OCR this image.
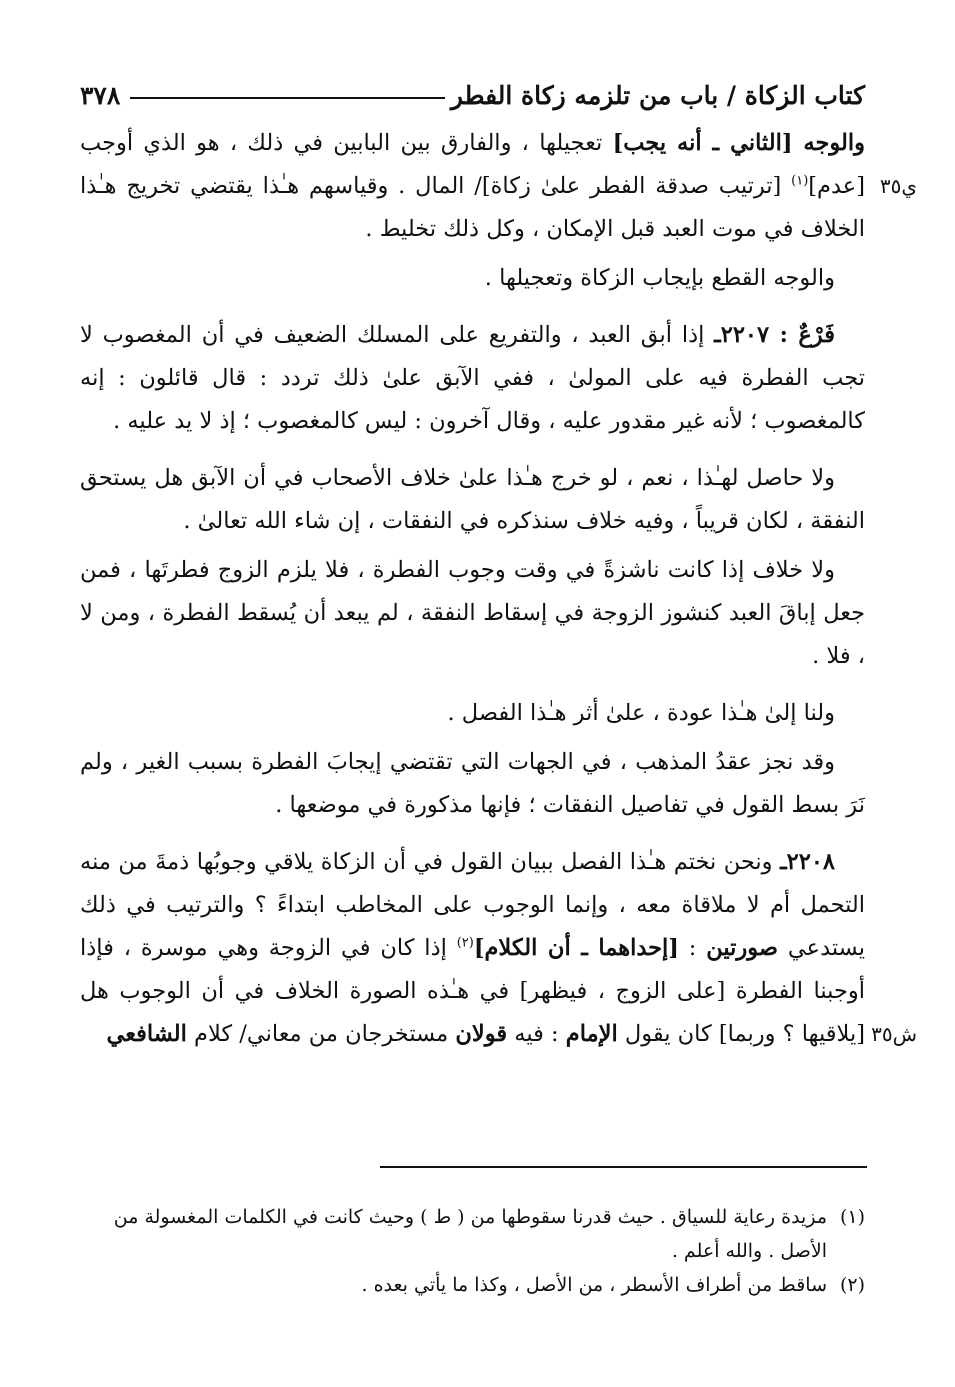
كتاب الزكاة / باب من تلزمه زكاة الفطر
٣٧٨

والوجه [الثاني ـ أنه يجب] تعجيلها ، والفارق بين البابين في ذلك ، هو الذي أوجب [عدم]$^{(١)}$ [ترتيب صدقة الفطر علىٰ زكاة]/ المال . وقياسهم هـٰذا يقتضي تخريج هـٰذا الخلاف في موت العبد قبل الإمكان ، وكل ذلك تخليط .
ي٣٥

والوجه القطع بإيجاب الزكاة وتعجيلها .

فَرْعٌ : ٢٢٠٧ـ إذا أبق العبد ، والتفريع على المسلك الضعيف في أن المغصوب لا تجب الفطرة فيه على المولىٰ ، ففي الآبق علىٰ ذلك تردد : قال قائلون : إنه كالمغصوب ؛ لأنه غير مقدور عليه ، وقال آخرون : ليس كالمغصوب ؛ إذ لا يد عليه .

ولا حاصل لهـٰذا ، نعم ، لو خرج هـٰذا علىٰ خلاف الأصحاب في أن الآبق هل يستحق النفقة ، لكان قريباً ، وفيه خلاف سنذكره في النفقات ، إن شاء الله تعالىٰ .

ولا خلاف إذا كانت ناشزةً في وقت وجوب الفطرة ، فلا يلزم الزوج فطرتَها ، فمن جعل إباقَ العبد كنشوز الزوجة في إسقاط النفقة ، لم يبعد أن يُسقط الفطرة ، ومن لا ، فلا .

ولنا إلىٰ هـٰذا عودة ، علىٰ أثر هـٰذا الفصل .

وقد نجز عقدُ المذهب ، في الجهات التي تقتضي إيجابَ الفطرة بسبب الغير ، ولم نَرَ بسط القول في تفاصيل النفقات ؛ فإنها مذكورة في موضعها .

٢٢٠٨ـ ونحن نختم هـٰذا الفصل ببيان القول في أن الزكاة يلاقي وجوبُها ذمةَ من منه التحمل أم لا ملاقاة معه ، وإنما الوجوب على المخاطب ابتداءً ؟ والترتيب في ذلك يستدعي صورتين : [إحداهما ـ أن الكلام]$^{(٢)}$ إذا كان في الزوجة وهي موسرة ، فإذا أوجبنا الفطرة [على الزوج ، فيظهر] في هـٰذه الصورة الخلاف في أن الوجوب هل [يلاقيها ؟ وربما] كان يقول الإمام : فيه قولان مستخرجان من معاني/ كلام الشافعي	ش٣٥

(١)
مزيدة رعاية للسياق . حيث قدرنا سقوطها من ( ط ) وحيث كانت في الكلمات المغسولة من الأصل . والله أعلم .
(٢)
ساقط من أطراف الأسطر ، من الأصل ، وكذا ما يأتي بعده .
